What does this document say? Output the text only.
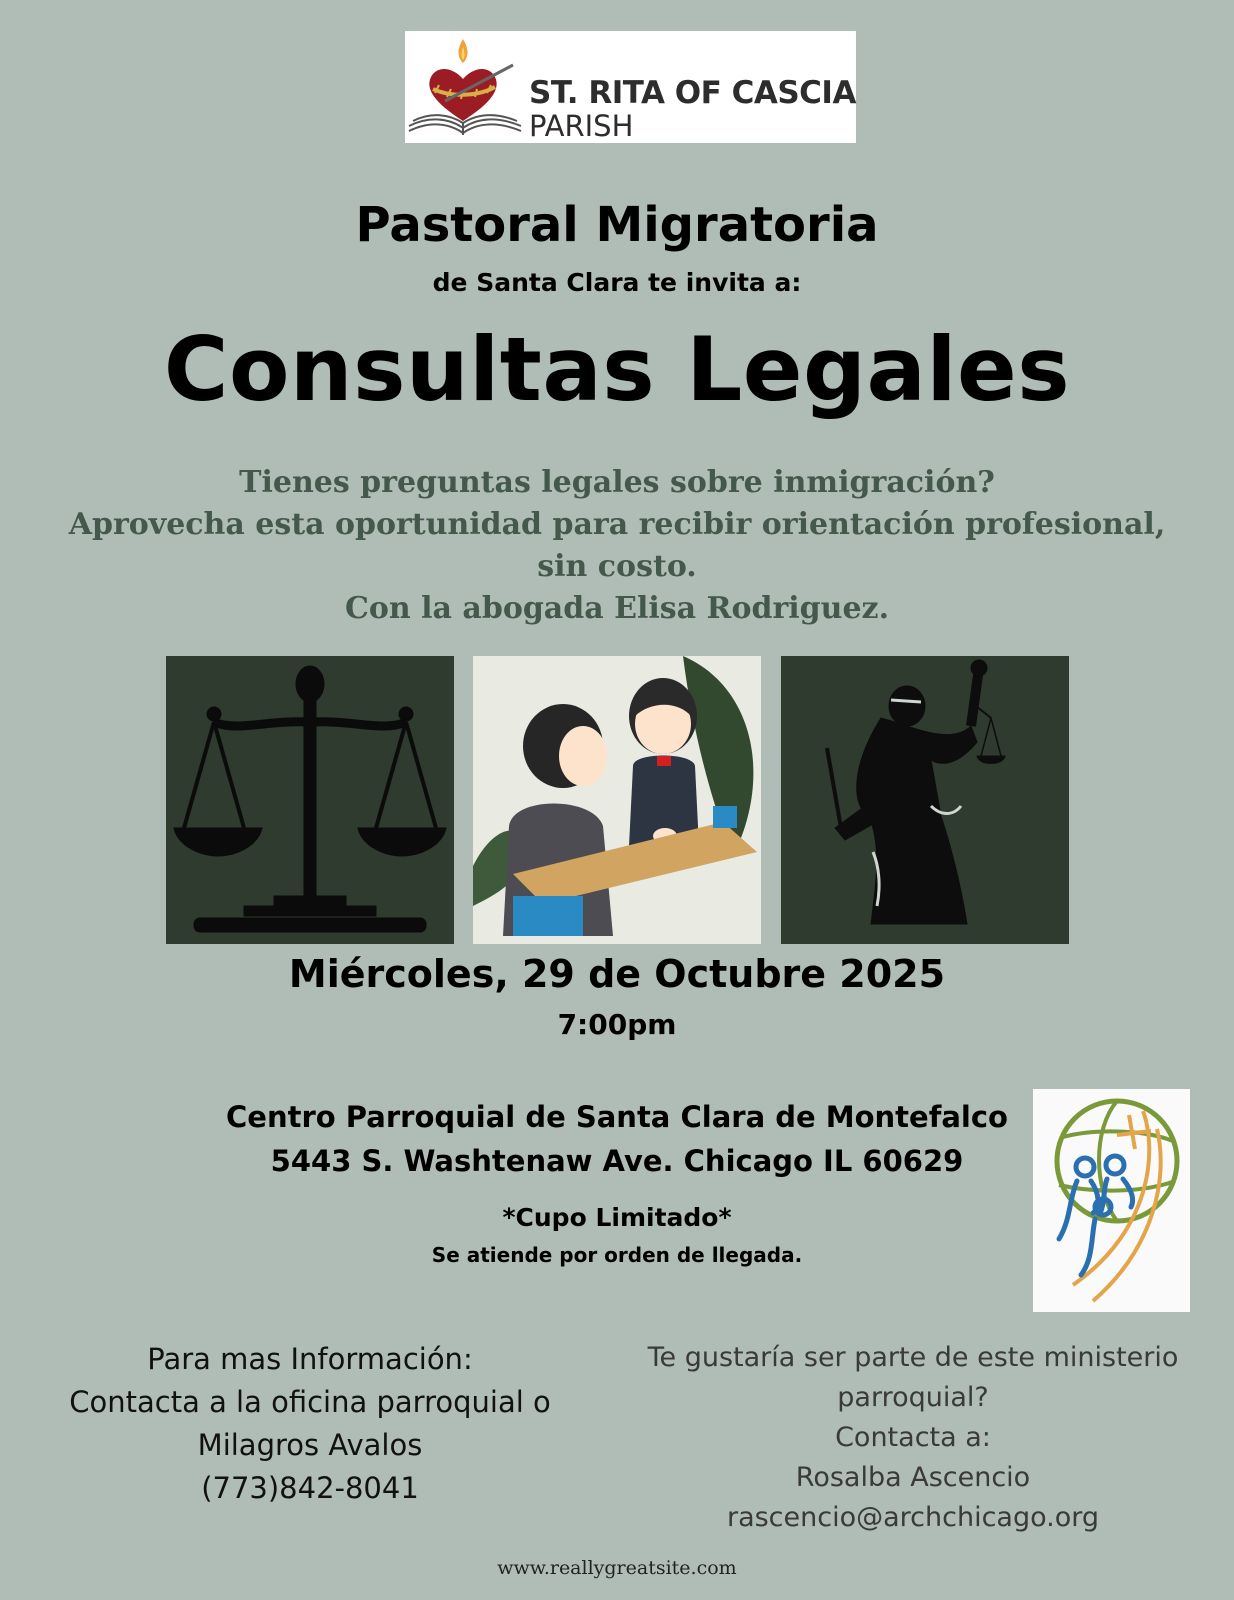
ST. RITA OF CASCIA
PARISH
Pastoral Migratoria
de Santa Clara te invita a:
Consultas Legales
Tienes preguntas legales sobre inmigración?
Aprovecha esta oportunidad para recibir orientación profesional,
sin costo.
Con la abogada Elisa Rodriguez.
Miércoles, 29 de Octubre 2025
7:00pm
Centro Parroquial de Santa Clara de Montefalco
5443 S. Washtenaw Ave. Chicago IL 60629
*Cupo Limitado*
Se atiende por orden de llegada.
Para mas Información:
Contacta a la oficina parroquial o
Milagros Avalos
(773)842-8041
Te gustaría ser parte de este ministerio
parroquial?
Contacta a:
Rosalba Ascencio
rascencio@archchicago.org
www.reallygreatsite.com
